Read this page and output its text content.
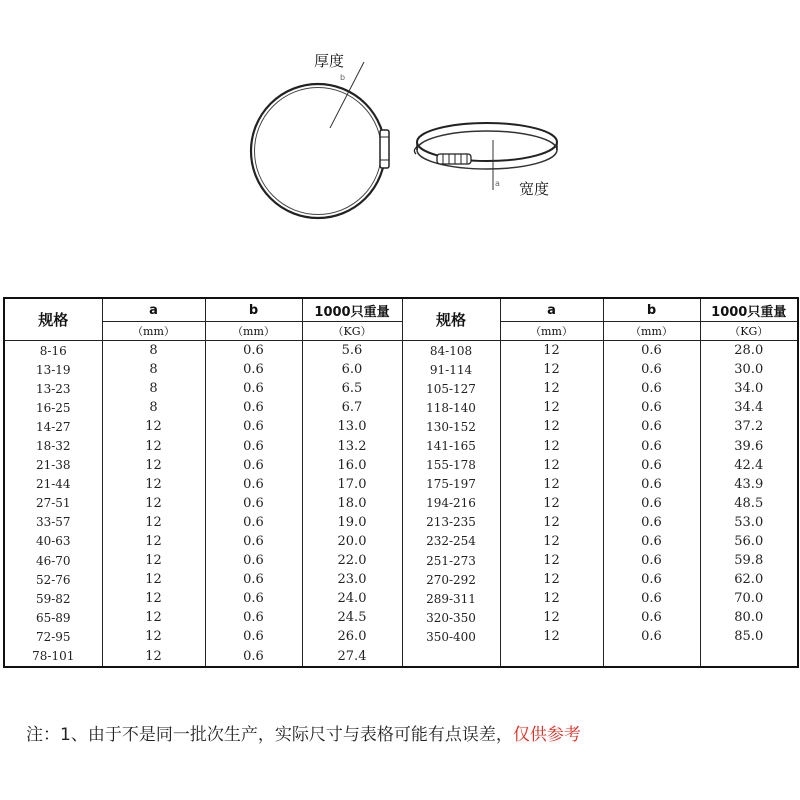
厚度
b
a 宽度
规格	a	b	1000只重量	规格	a	b	1000只重量
	（mm）	（mm）	（KG）		（mm）	（mm）	（KG）
8-16	8	0.6	5.6	84-108	12	0.6	28.0
13-19	8	0.6	6.0	91-114	12	0.6	30.0
13-23	8	0.6	6.5	105-127	12	0.6	34.0
16-25	8	0.6	6.7	118-140	12	0.6	34.4
14-27	12	0.6	13.0	130-152	12	0.6	37.2
18-32	12	0.6	13.2	141-165	12	0.6	39.6
21-38	12	0.6	16.0	155-178	12	0.6	42.4
21-44	12	0.6	17.0	175-197	12	0.6	43.9
27-51	12	0.6	18.0	194-216	12	0.6	48.5
33-57	12	0.6	19.0	213-235	12	0.6	53.0
40-63	12	0.6	20.0	232-254	12	0.6	56.0
46-70	12	0.6	22.0	251-273	12	0.6	59.8
52-76	12	0.6	23.0	270-292	12	0.6	62.0
59-82	12	0.6	24.0	289-311	12	0.6	70.0
65-89	12	0.6	24.5	320-350	12	0.6	80.0
72-95	12	0.6	26.0	350-400	12	0.6	85.0
78-101	12	0.6	27.4				
注：1、由于不是同一批次生产，实际尺寸与表格可能有点误差，仅供参考
